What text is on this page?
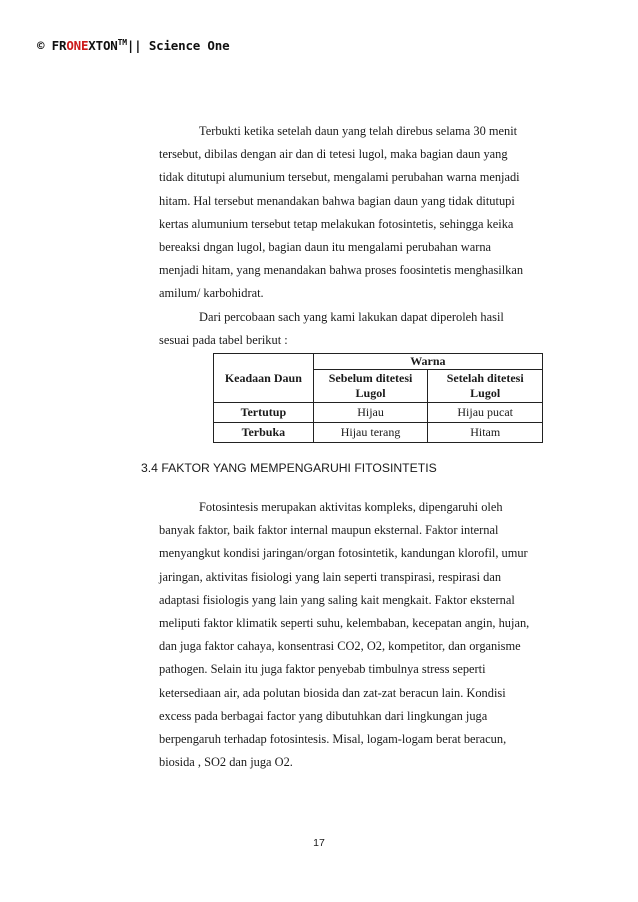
© FRONEXTON™|| Science One
Terbukti ketika setelah daun yang telah direbus selama 30 menit
tersebut, dibilas dengan air dan di tetesi lugol, maka bagian daun yang
tidak ditutupi alumunium tersebut, mengalami perubahan warna menjadi
hitam. Hal tersebut menandakan bahwa bagian daun yang tidak ditutupi
kertas alumunium tersebut tetap melakukan fotosintetis, sehingga keika
bereaksi dngan lugol, bagian daun itu mengalami perubahan warna
menjadi hitam, yang menandakan bahwa proses foosintetis menghasilkan
amilum/ karbohidrat.
Dari percobaan sach yang kami lakukan dapat diperoleh hasil
sesuai pada tabel berikut :
Keadaan Daun	Warna	
	Sebelum ditetesi Lugol	Setelah ditetesi Lugol
Tertutup	Hijau	Hijau pucat
Terbuka	Hijau terang	Hitam
3.4 FAKTOR YANG MEMPENGARUHI FITOSINTETIS
Fotosintesis merupakan aktivitas kompleks, dipengaruhi oleh
banyak faktor, baik faktor internal maupun eksternal. Faktor internal
menyangkut kondisi jaringan/organ fotosintetik, kandungan klorofil, umur
jaringan, aktivitas fisiologi yang lain seperti transpirasi, respirasi dan
adaptasi fisiologis yang lain yang saling kait mengkait. Faktor eksternal
meliputi faktor klimatik seperti suhu, kelembaban, kecepatan angin, hujan,
dan juga faktor cahaya, konsentrasi CO2, O2, kompetitor, dan organisme
pathogen. Selain itu juga faktor penyebab timbulnya stress seperti
ketersediaan air, ada polutan biosida dan zat-zat beracun lain. Kondisi
excess pada berbagai factor yang dibutuhkan dari lingkungan juga
berpengaruh terhadap fotosintesis. Misal, logam-logam berat beracun,
biosida , SO2 dan juga O2.
17
